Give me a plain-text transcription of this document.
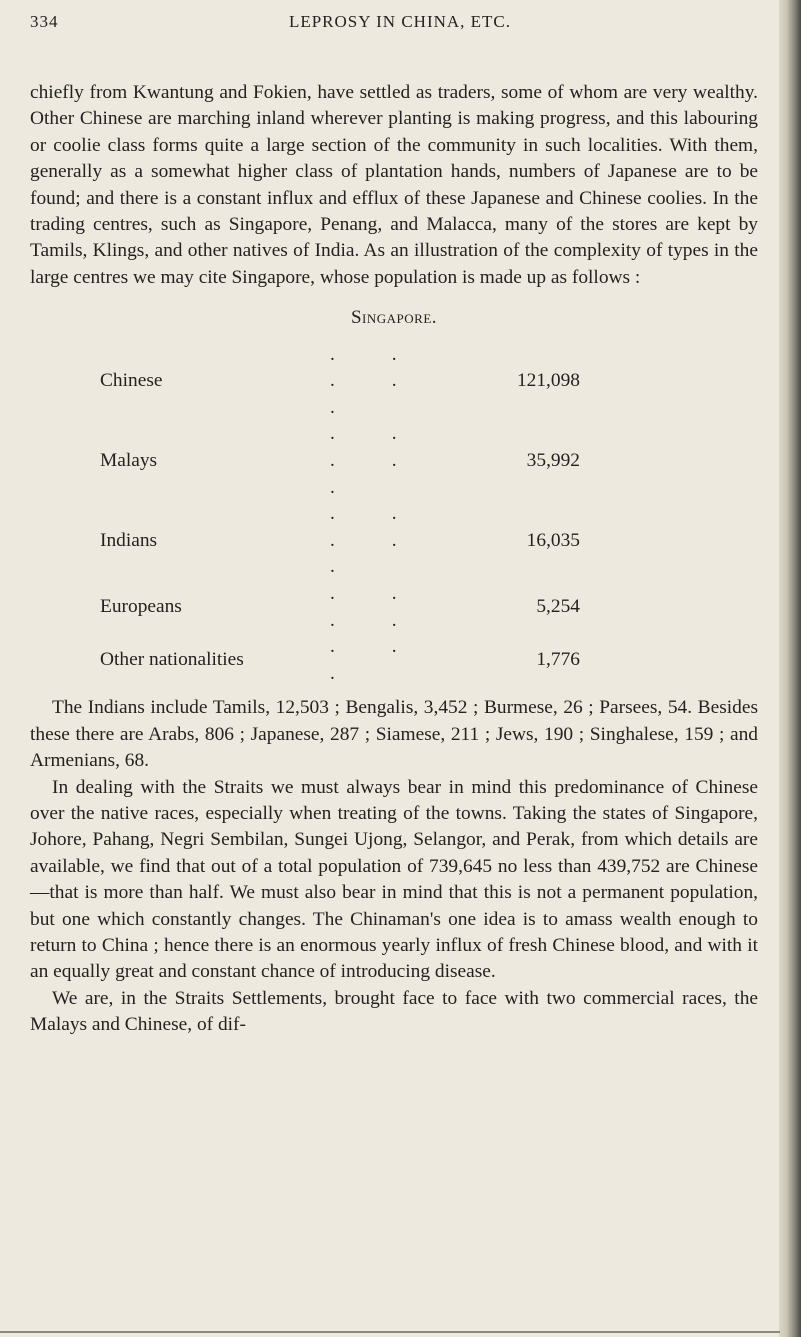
334	LEPROSY IN CHINA, ETC.

chiefly from Kwantung and Fokien, have settled as traders, some of whom are very wealthy. Other Chinese are marching inland wherever planting is making progress, and this labouring or coolie class forms quite a large section of the community in such localities. With them, generally as a somewhat higher class of plantation hands, numbers of Japanese are to be found; and there is a constant influx and efflux of these Japanese and Chinese coolies. In the trading centres, such as Singapore, Penang, and Malacca, many of the stores are kept by Tamils, Klings, and other natives of India. As an illustration of the complexity of types in the large centres we may cite Singapore, whose population is made up as follows :

Singapore.
Chinese	. . . . .	121,098
Malays	. . . . .	35,992
Indians	. . . . .	16,035
Europeans	. . . .	5,254
Other nationalities	. . .	1,776

The Indians include Tamils, 12,503 ; Bengalis, 3,452 ; Burmese, 26 ; Parsees, 54. Besides these there are Arabs, 806 ; Japanese, 287 ; Siamese, 211 ; Jews, 190 ; Singhalese, 159 ; and Armenians, 68.

In dealing with the Straits we must always bear in mind this predominance of Chinese over the native races, especially when treating of the towns. Taking the states of Singapore, Johore, Pahang, Negri Sembilan, Sungei Ujong, Selangor, and Perak, from which details are available, we find that out of a total population of 739,645 no less than 439,752 are Chinese—that is more than half. We must also bear in mind that this is not a permanent population, but one which constantly changes. The Chinaman's one idea is to amass wealth enough to return to China ; hence there is an enormous yearly influx of fresh Chinese blood, and with it an equally great and constant chance of introducing disease.

We are, in the Straits Settlements, brought face to face with two commercial races, the Malays and Chinese, of dif-
